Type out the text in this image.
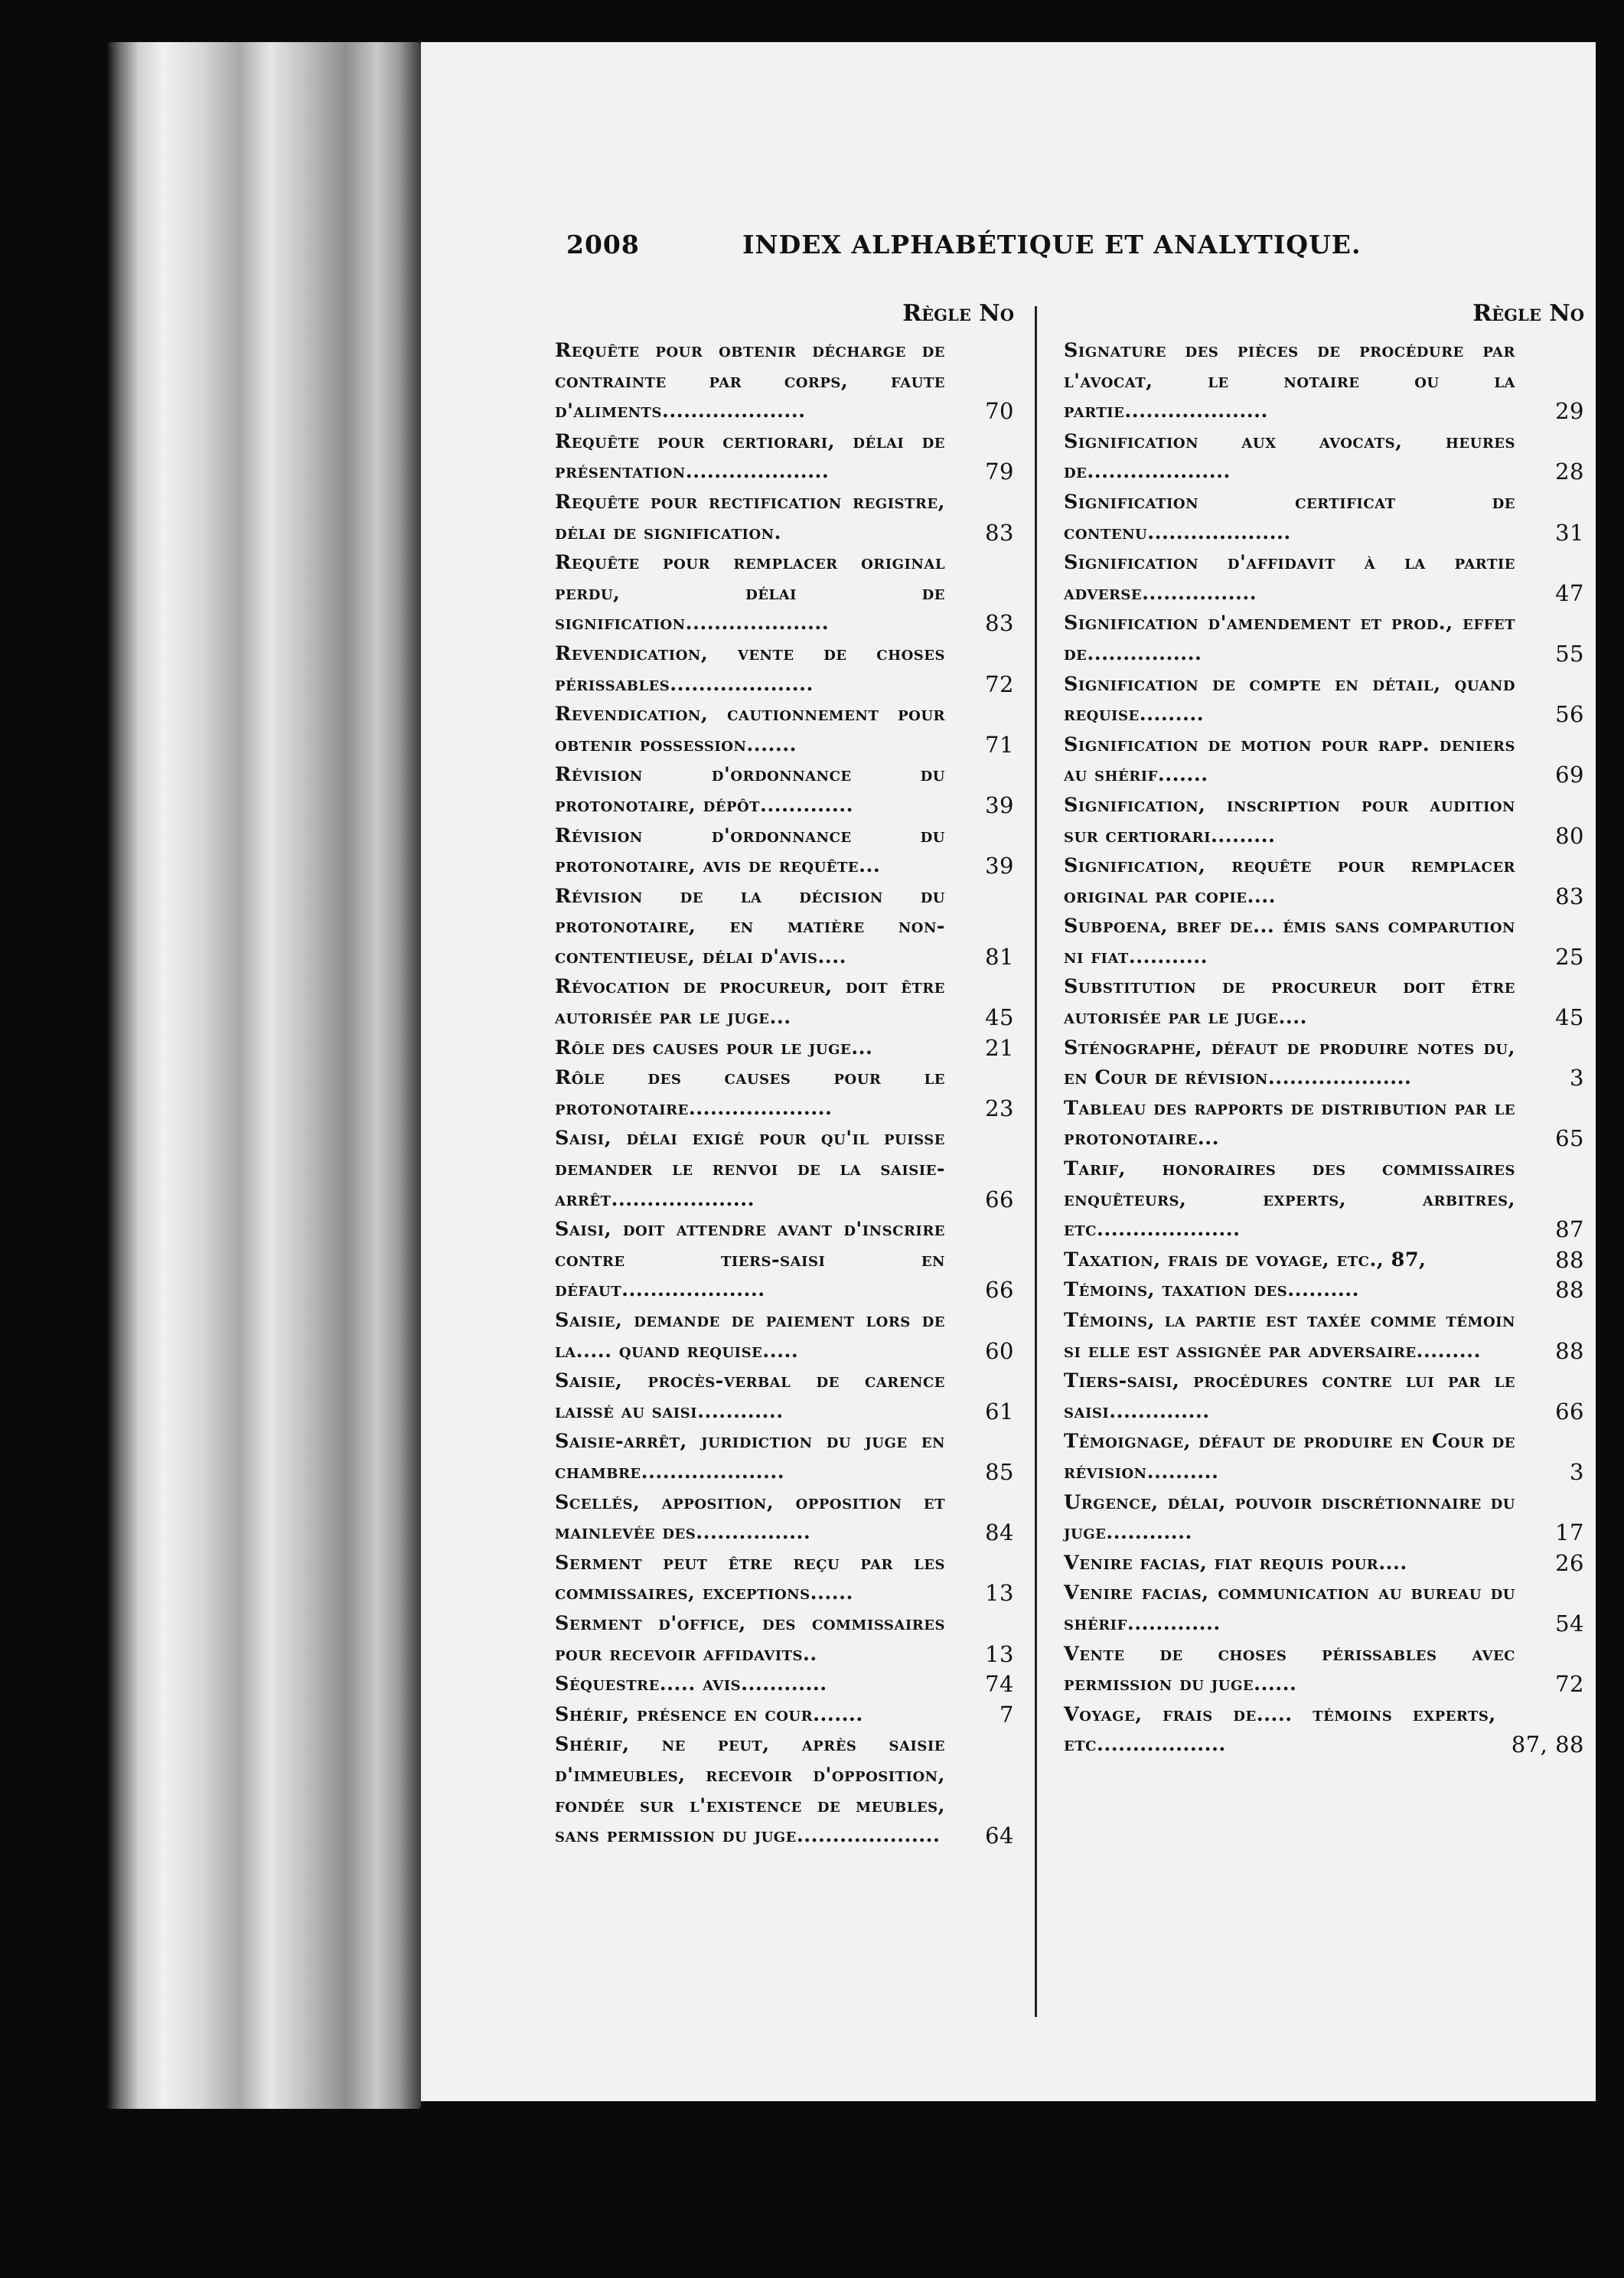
2008	INDEX ALPHABÉTIQUE ET ANALYTIQUE.
Règle No
Requête pour obtenir décharge de contrainte par corps, faute d'aliments....................	70
Requête pour certiorari, délai de présentation....................	79
Requête pour rectification registre, délai de signification.	83
Requête pour remplacer original perdu, délai de signification....................	83
Revendication, vente de choses périssables....................	72
Revendication, cautionnement pour obtenir possession.......	71
Révision d'ordonnance du protonotaire, dépôt.............	39
Révision d'ordonnance du protonotaire, avis de requête...	39
Révision de la décision du protonotaire, en matière non-contentieuse, délai d'avis....	81
Révocation de procureur, doit être autorisée par le juge...	45
Rôle des causes pour le juge...	21
Rôle des causes pour le protonotaire....................	23
Saisi, délai exigé pour qu'il puisse demander le renvoi de la saisie-arrêt....................	66
Saisi, doit attendre avant d'inscrire contre tiers-saisi en défaut....................	66
Saisie, demande de paiement lors de la..... quand requise.....	60
Saisie, procès-verbal de carence laissé au saisi............	61
Saisie-arrêt, juridiction du juge en chambre....................	85
Scellés, apposition, opposition et mainlevée des................	84
Serment peut être reçu par les commissaires, exceptions......	13
Serment d'office, des commissaires pour recevoir affidavits..	13
Séquestre..... avis............	74
Shérif, présence en cour.......	7
Shérif, ne peut, après saisie d'immeubles, recevoir d'opposition, fondée sur l'existence de meubles, sans permission du juge....................	64
Règle No
Signature des pièces de procédure par l'avocat, le notaire ou la partie....................	29
Signification aux avocats, heures de....................	28
Signification certificat de contenu....................	31
Signification d'affidavit à la partie adverse................	47
Signification d'amendement et prod., effet de................	55
Signification de compte en détail, quand requise.........	56
Signification de motion pour rapp. deniers au shérif.......	69
Signification, inscription pour audition sur certiorari.........	80
Signification, requête pour remplacer original par copie....	83
Subpoena, bref de... émis sans comparution ni fiat...........	25
Substitution de procureur doit être autorisée par le juge....	45
Sténographe, défaut de produire notes du, en Cour de révision....................	3
Tableau des rapports de distribution par le protonotaire...	65
Tarif, honoraires des commissaires enquêteurs, experts, arbitres, etc....................	87
Taxation, frais de voyage, etc., 87,	88
Témoins, taxation des..........	88
Témoins, la partie est taxée comme témoin si elle est assignée par adversaire.........	88
Tiers-saisi, procédures contre lui par le saisi..............	66
Témoignage, défaut de produire en Cour de révision..........	3
Urgence, délai, pouvoir discrétionnaire du juge............	17
Venire facias, fiat requis pour....	26
Venire facias, communication au bureau du shérif.............	54
Vente de choses périssables avec permission du juge......	72
Voyage, frais de..... témoins experts, etc..................	87, 88
